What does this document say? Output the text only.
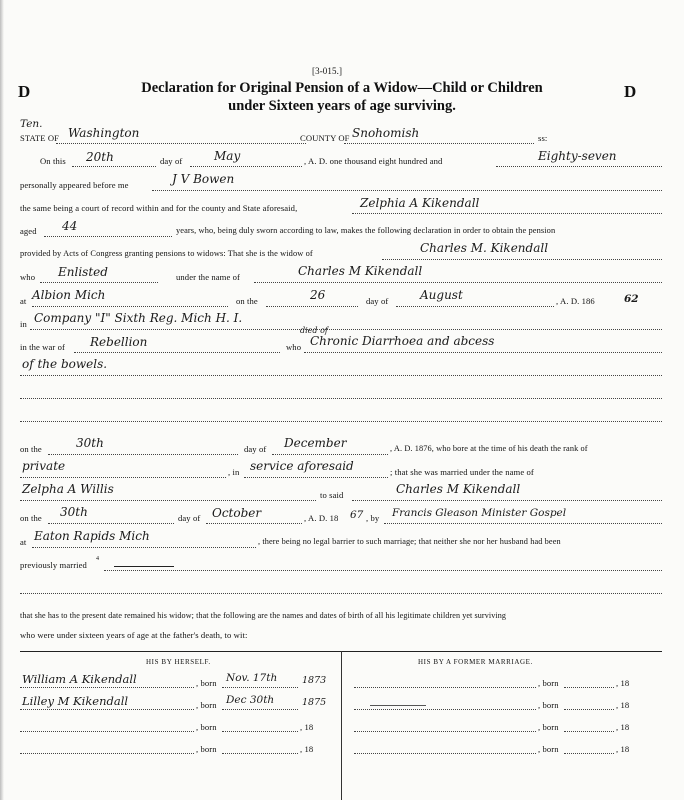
[3-015.]
D	D
Declaration for Original Pension of a Widow—Child or Children
under Sixteen years of age surviving.
Ten.
STATE OF Washington	COUNTY OF Snohomish	ss:
On this 20th	day of	May	, A. D. one thousand eight hundred and	Eighty-seven
personally appeared before me	J V Bowen
the same being a court of record within and for the county and State aforesaid,	Zelphia A Kikendall
aged 44	years, who, being duly sworn according to law, makes the following declaration in order to obtain the pension
provided by Acts of Congress granting pensions to widows: That she is the widow of	Charles M. Kikendall
who Enlisted	under the name of	Charles M Kikendall
at Albion Mich	on the	26	day of	August	, A. D. 186	62
in Company "I" Sixth Reg. Mich H. I.
in the war of Rebellion	who
died of
Chronic Diarrhoea and abcess
of the bowels.
on the	30th	day of December	, A. D. 1876, who bore at the time of his death the rank of
private	, in service aforesaid	; that she was married under the name of
Zelpha A Willis	to said	Charles M Kikendall
on the 30th	day of October	, A. D. 18 67 , by Francis Gleason Minister Gospel
at Eaton Rapids Mich	, there being no legal barrier to such marriage; that neither she nor her husband had been
previously married
4
that she has to the present date remained his widow; that the following are the names and dates of birth of all his legitimate children yet surviving
who were under sixteen years of age at the father's death, to wit:
HIS BY HERSELF.	HIS BY A FORMER MARRIAGE.
William A Kikendall	, born Nov. 17th	1873
Lilley M Kikendall	, born Dec 30th	1875
, born	, 18
, born	, 18
, born	, 18
, born	, 18
, born	, 18
, born	, 18
